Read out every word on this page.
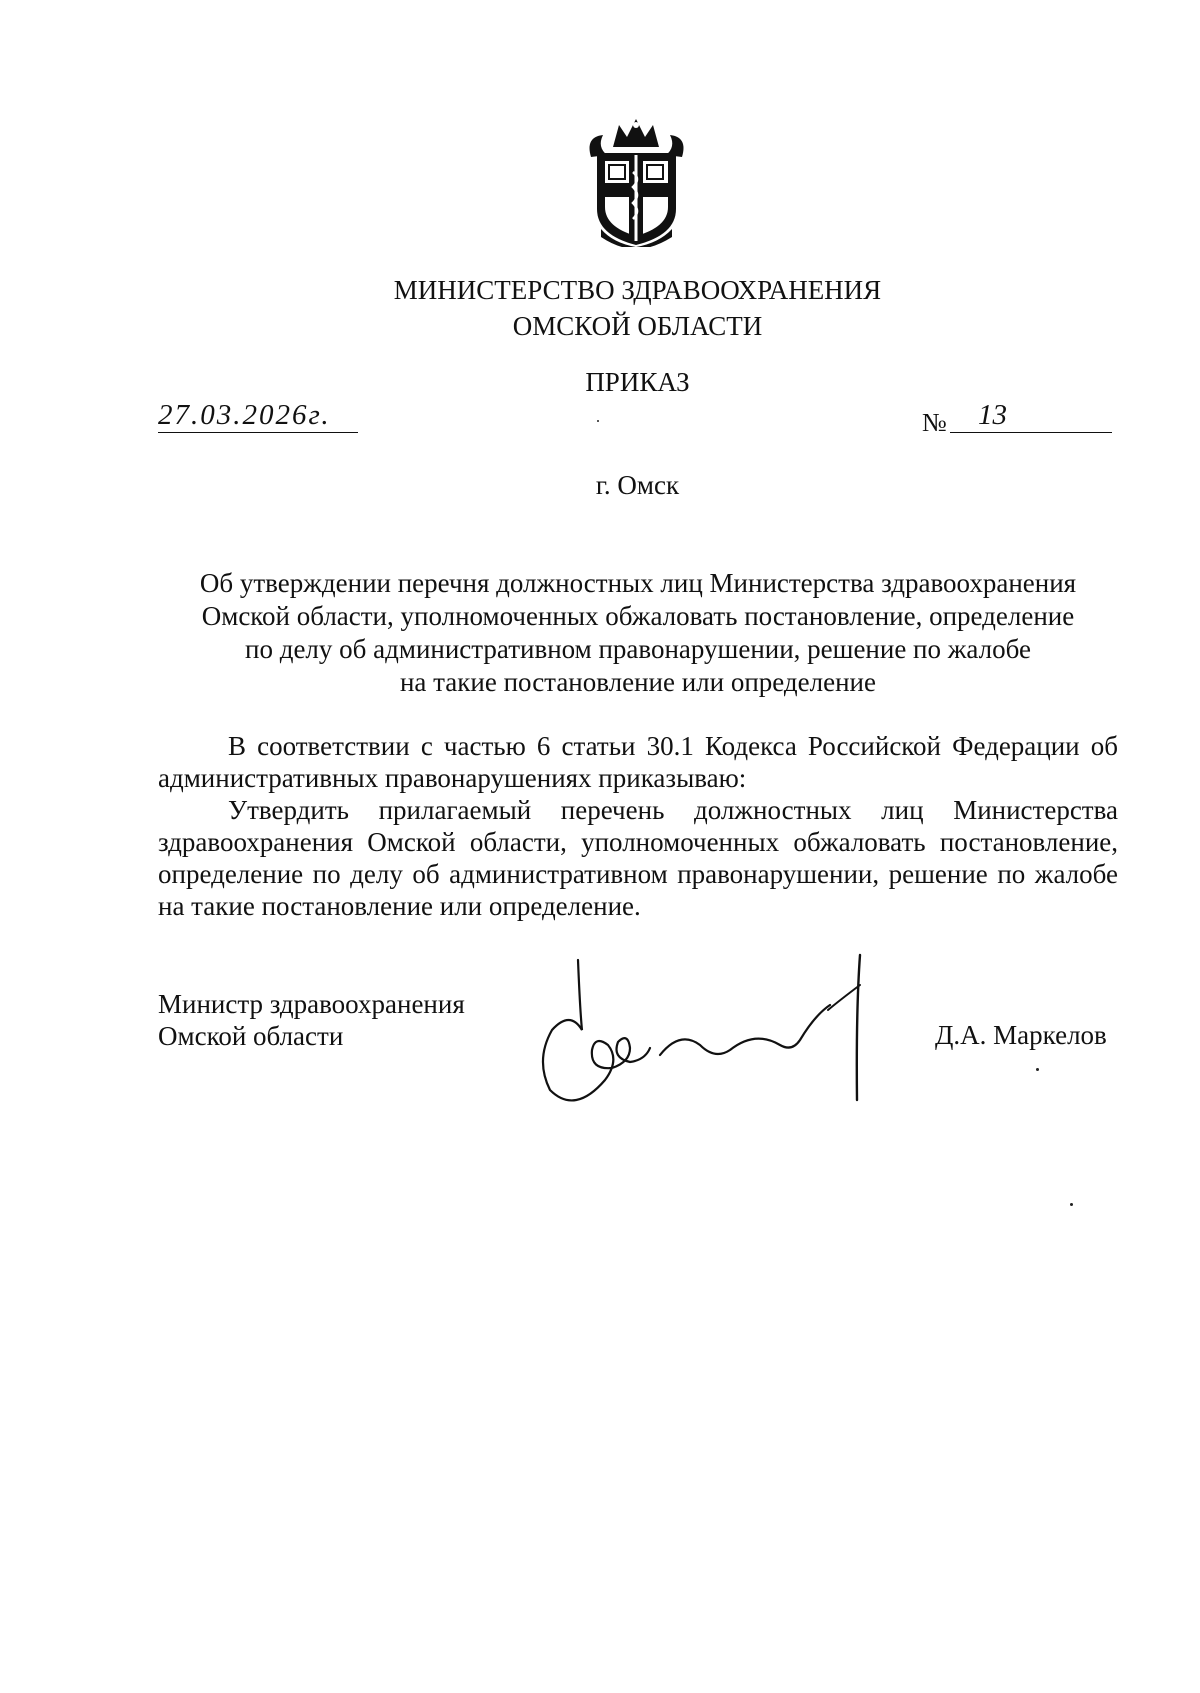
МИНИСТЕРСТВО ЗДРАВООХРАНЕНИЯ
ОМСКОЙ ОБЛАСТИ
ПРИКАЗ
27.03.2026г.	№	13
г. Омск
Об утверждении перечня должностных лиц Министерства здравоохранения
Омской области, уполномоченных обжаловать постановление, определение
по делу об административном правонарушении, решение по жалобе
на такие постановление или определение

В соответствии с частью 6 статьи 30.1 Кодекса Российской Федерации об административных правонарушениях приказываю:

Утвердить прилагаемый перечень должностных лиц Министерства здравоохранения Омской области, уполномоченных обжаловать постановление, определение по делу об административном правонарушении, решение по жалобе на такие постановление или определение.

Министр здравоохранения
Омской области	Д.А. Маркелов
